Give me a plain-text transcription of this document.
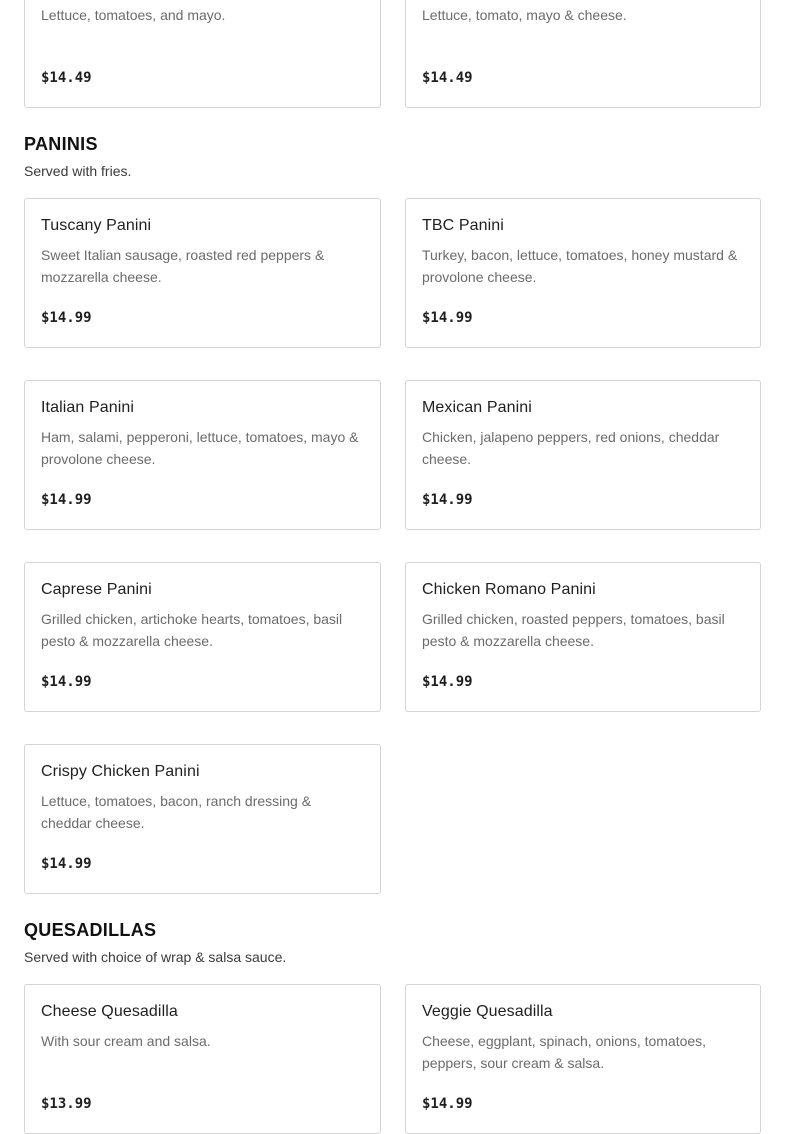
Lettuce, tomatoes, and mayo.
$14.49
Lettuce, tomato, mayo & cheese.
$14.49
PANINIS
Served with fries.
Tuscany Panini
Sweet Italian sausage, roasted red peppers & mozzarella cheese.
$14.99
TBC Panini
Turkey, bacon, lettuce, tomatoes, honey mustard & provolone cheese.
$14.99
Italian Panini
Ham, salami, pepperoni, lettuce, tomatoes, mayo & provolone cheese.
$14.99
Mexican Panini
Chicken, jalapeno peppers, red onions, cheddar cheese.
$14.99
Caprese Panini
Grilled chicken, artichoke hearts, tomatoes, basil pesto & mozzarella cheese.
$14.99
Chicken Romano Panini
Grilled chicken, roasted peppers, tomatoes, basil pesto & mozzarella cheese.
$14.99
Crispy Chicken Panini
Lettuce, tomatoes, bacon, ranch dressing & cheddar cheese.
$14.99
QUESADILLAS
Served with choice of wrap & salsa sauce.
Cheese Quesadilla
With sour cream and salsa.
$13.99
Veggie Quesadilla
Cheese, eggplant, spinach, onions, tomatoes, peppers, sour cream & salsa.
$14.99
